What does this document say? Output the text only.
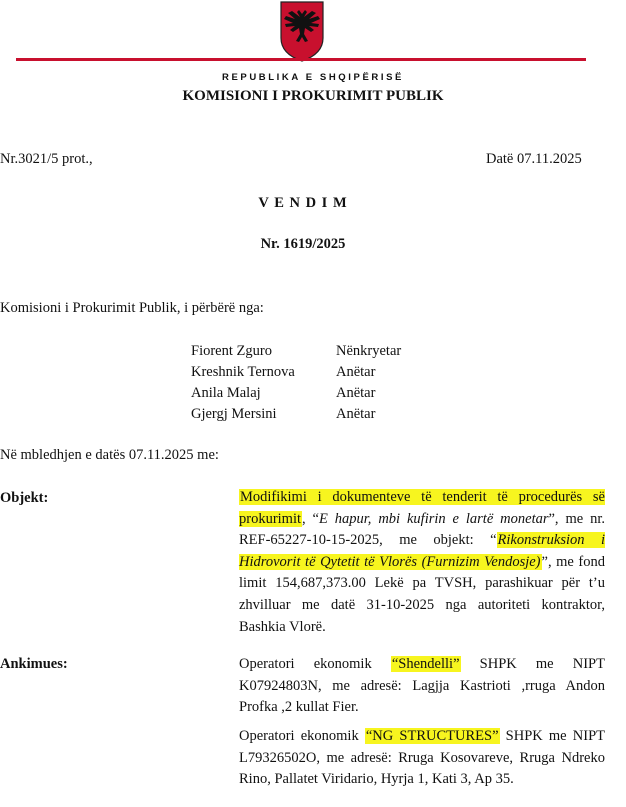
REPUBLIKA E SHQIPËRISË
KOMISIONI I PROKURIMIT PUBLIK
Nr.3021/5 prot.,	Datë 07.11.2025
V E N D I M
Nr. 1619/2025
Komisioni i Prokurimit Publik, i përbërë nga:
Fiorent Zguro	Nënkryetar
Kreshnik Ternova	Anëtar
Anila Malaj	Anëtar
Gjergj Mersini	Anëtar
Në mbledhjen e datës 07.11.2025 me:
Objekt:	Modifikimi i dokumenteve të tenderit të procedurës së prokurimit, “E hapur, mbi kufirin e lartë monetar”, me nr. REF-65227-10-15-2025, me objekt: “Rikonstruksion i Hidrovorit të Qytetit të Vlorës (Furnizim Vendosje)”, me fond limit 154,687,373.00 Lekë pa TVSH, parashikuar për t’u zhvilluar me datë 31-10-2025 nga autoriteti kontraktor, Bashkia Vlorë.

Ankimues:	Operatori ekonomik “Shendelli” SHPK me NIPT K07924803N, me adresë: Lagjja Kastrioti ,rruga Andon Profka ,2 kullat Fier.

Operatori ekonomik “NG STRUCTURES” SHPK me NIPT L79326502O, me adresë: Rruga Kosovareve, Rruga Ndreko Rino, Pallatet Viridario, Hyrja 1, Kati 3, Ap 35.
